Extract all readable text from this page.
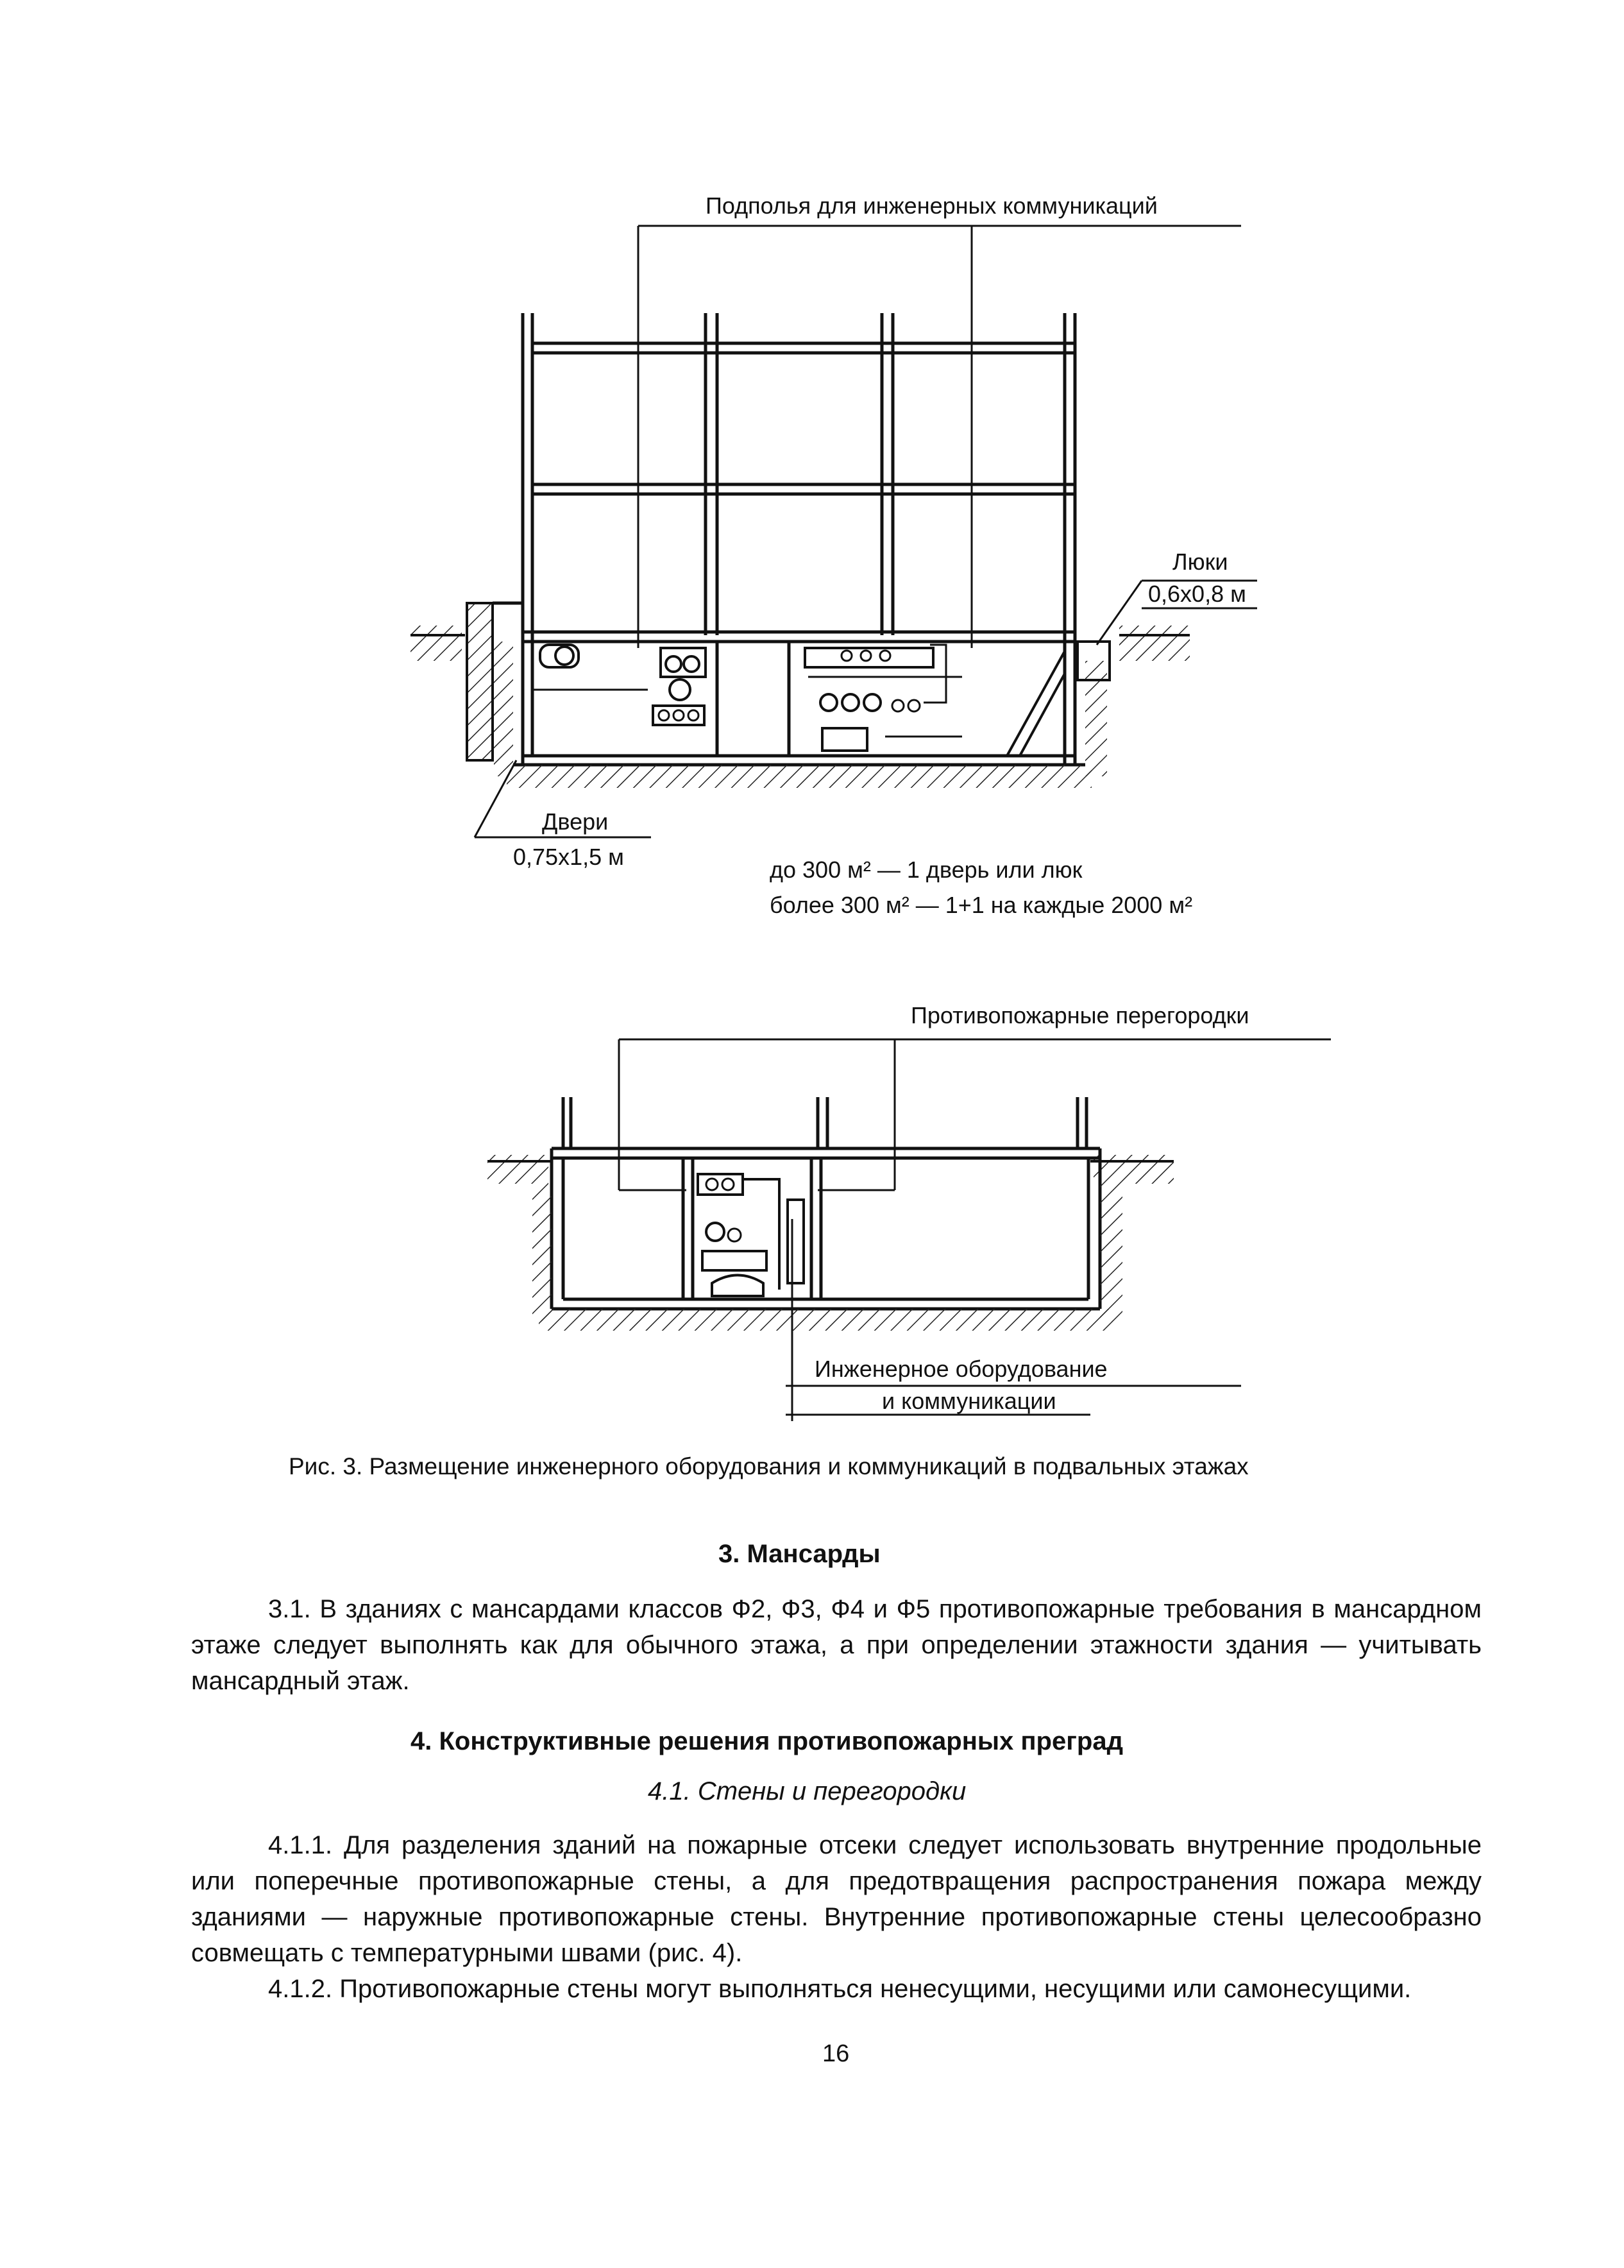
Подполья для инженерных коммуникаций
Люки
0,6х0,8 м
Двери
0,75х1,5 м	до 300 м² — 1 дверь или люк
более 300 м² — 1+1 на каждые 2000 м²
Противопожарные перегородки
Инженерное оборудование
и коммуникации
Рис. 3. Размещение инженерного оборудования и коммуникаций в подвальных этажах
3. Мансарды

3.1. В зданиях с мансардами классов Ф2, Ф3, Ф4 и Ф5 противопожарные требования в мансардном этаже следует выполнять как для обычного этажа, а при определении этажности здания — учитывать мансардный этаж.

4. Конструктивные решения противопожарных преград
4.1. Стены и перегородки

4.1.1. Для разделения зданий на пожарные отсеки следует использовать внутренние продольные или поперечные противопожарные стены, а для предотвращения распространения пожара между зданиями — наружные противопожарные стены. Внутренние противопожарные стены целесообразно совмещать с температурными швами (рис. 4).

4.1.2. Противопожарные стены могут выполняться ненесущими, несущими или самонесущими.

16
